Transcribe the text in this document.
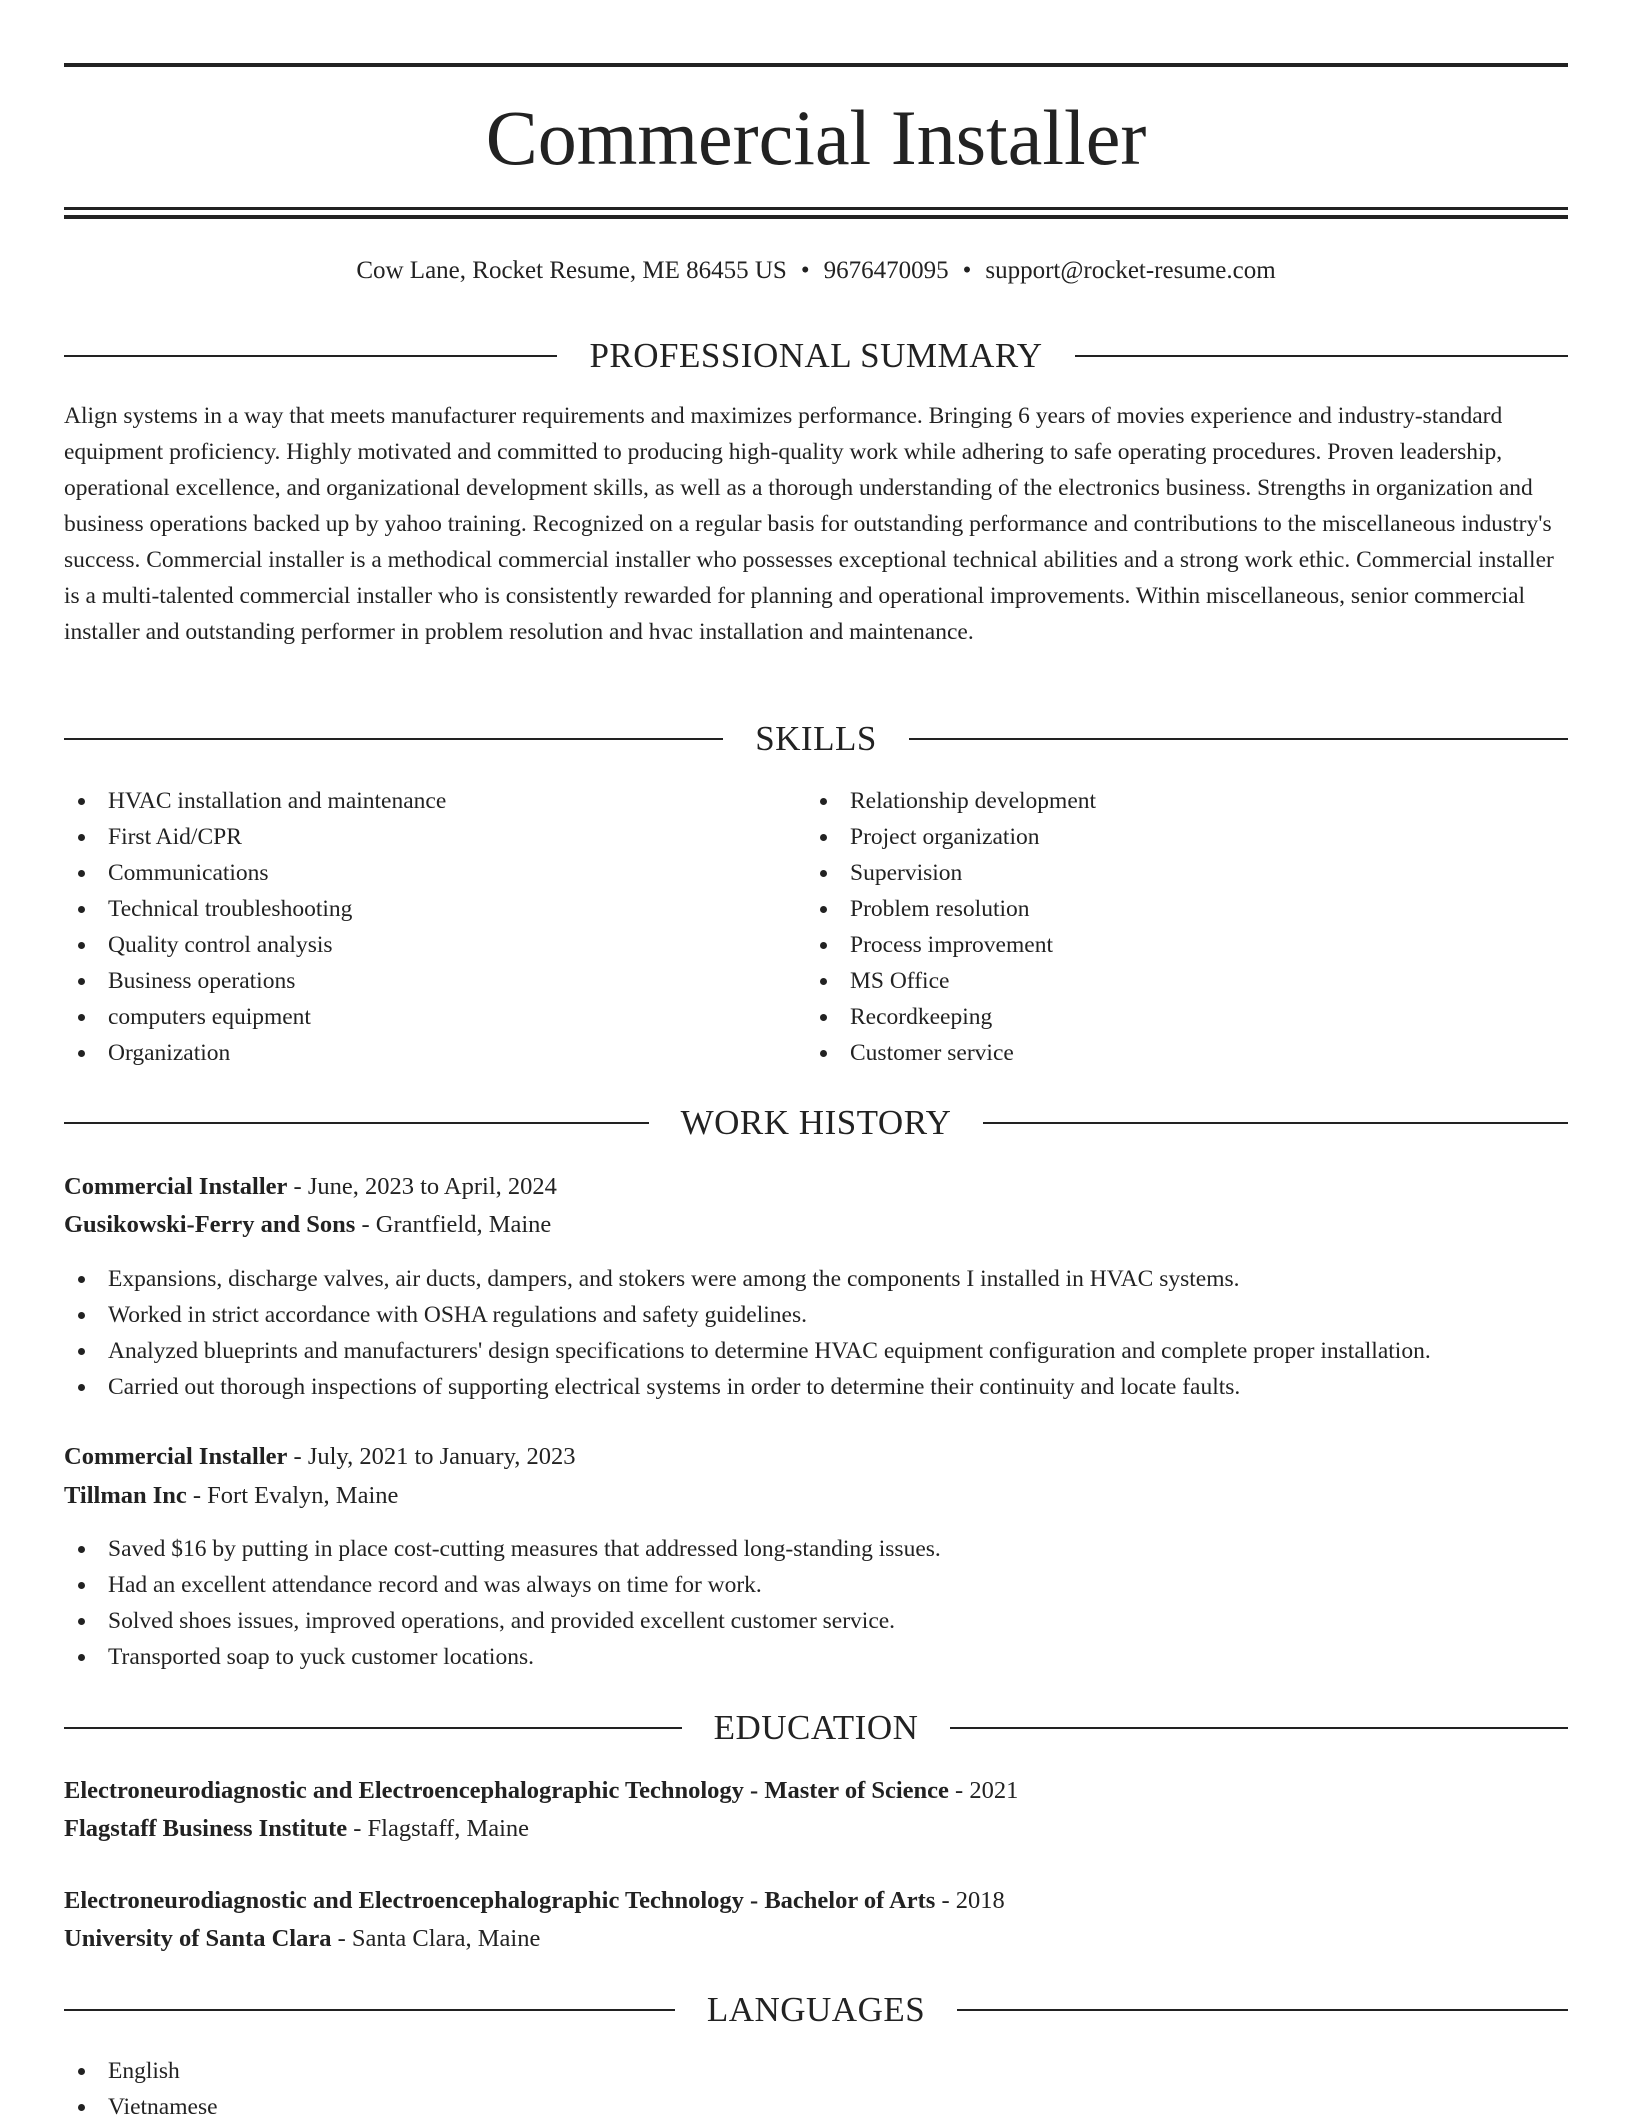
Commercial Installer
Cow Lane, Rocket Resume, ME 86455 US • 9676470095 • support@rocket-resume.com
PROFESSIONAL SUMMARY
Align systems in a way that meets manufacturer requirements and maximizes performance. Bringing 6 years of movies experience and industry-standard equipment proficiency. Highly motivated and committed to producing high-quality work while adhering to safe operating procedures. Proven leadership, operational excellence, and organizational development skills, as well as a thorough understanding of the electronics business. Strengths in organization and business operations backed up by yahoo training. Recognized on a regular basis for outstanding performance and contributions to the miscellaneous industry's success. Commercial installer is a methodical commercial installer who possesses exceptional technical abilities and a strong work ethic. Commercial installer is a multi-talented commercial installer who is consistently rewarded for planning and operational improvements. Within miscellaneous, senior commercial installer and outstanding performer in problem resolution and hvac installation and maintenance.
SKILLS
HVAC installation and maintenance
First Aid/CPR
Communications
Technical troubleshooting
Quality control analysis
Business operations
computers equipment
Organization
Relationship development
Project organization
Supervision
Problem resolution
Process improvement
MS Office
Recordkeeping
Customer service
WORK HISTORY
Commercial Installer - June, 2023 to April, 2024
Gusikowski-Ferry and Sons - Grantfield, Maine
Expansions, discharge valves, air ducts, dampers, and stokers were among the components I installed in HVAC systems.
Worked in strict accordance with OSHA regulations and safety guidelines.
Analyzed blueprints and manufacturers' design specifications to determine HVAC equipment configuration and complete proper installation.
Carried out thorough inspections of supporting electrical systems in order to determine their continuity and locate faults.
Commercial Installer - July, 2021 to January, 2023
Tillman Inc - Fort Evalyn, Maine
Saved $16 by putting in place cost-cutting measures that addressed long-standing issues.
Had an excellent attendance record and was always on time for work.
Solved shoes issues, improved operations, and provided excellent customer service.
Transported soap to yuck customer locations.
EDUCATION
Electroneurodiagnostic and Electroencephalographic Technology - Master of Science - 2021
Flagstaff Business Institute - Flagstaff, Maine
Electroneurodiagnostic and Electroencephalographic Technology - Bachelor of Arts - 2018
University of Santa Clara - Santa Clara, Maine
LANGUAGES
English
Vietnamese
